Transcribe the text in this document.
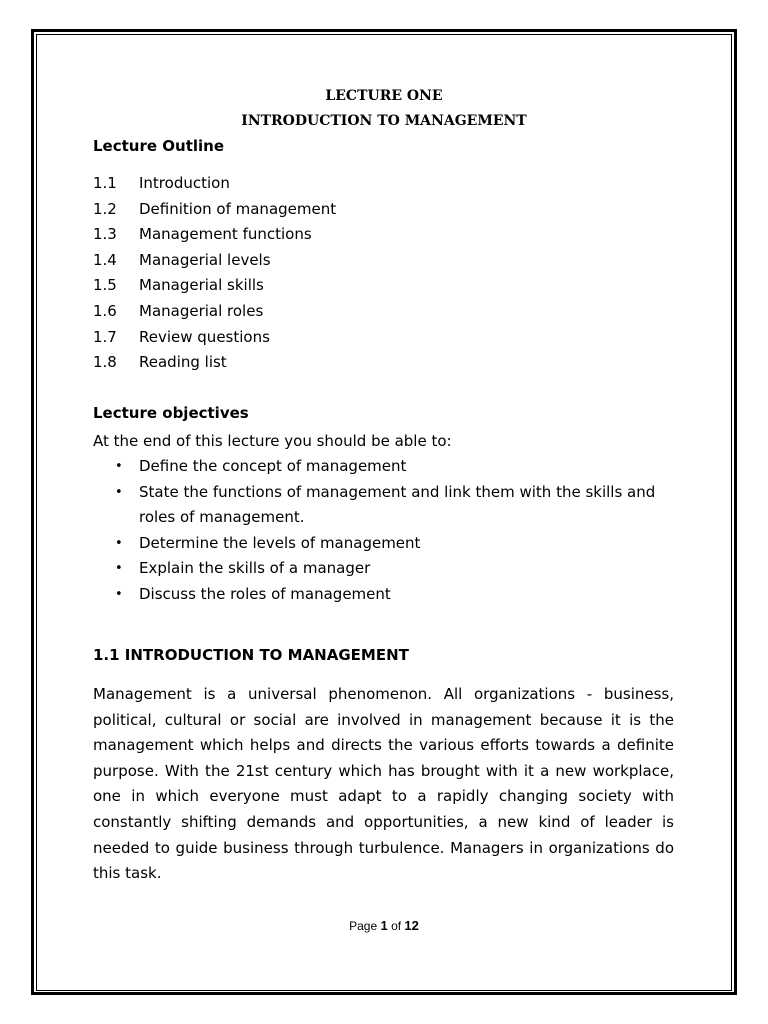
LECTURE ONE
INTRODUCTION TO MANAGEMENT
Lecture Outline
1.1	Introduction
1.2	Definition of management
1.3	Management functions
1.4	Managerial levels
1.5	Managerial skills
1.6	Managerial roles
1.7	Review questions
1.8	Reading list
Lecture objectives
At the end of this lecture you should be able to:
• Define the concept of management
• State the functions of management and link them with the skills and roles of management.
• Determine the levels of management
• Explain the skills of a manager
• Discuss the roles of management
1.1 INTRODUCTION TO MANAGEMENT

Management is a universal phenomenon. All organizations - business, political, cultural or social are involved in management because it is the management which helps and directs the various efforts towards a definite purpose. With the 21st century which has brought with it a new workplace, one in which everyone must adapt to a rapidly changing society with constantly shifting demands and opportunities, a new kind of leader is needed to guide business through turbulence. Managers in organizations do this task.

Page 1 of 12
